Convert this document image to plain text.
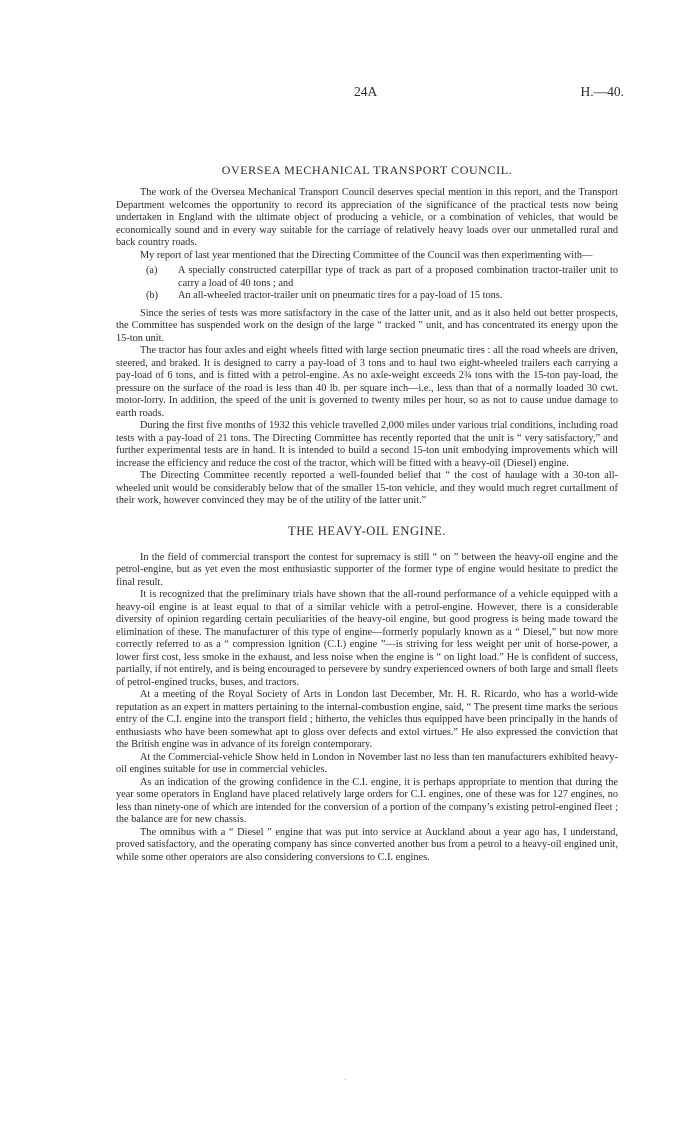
24A	H.—40.
OVERSEA MECHANICAL TRANSPORT COUNCIL.

The work of the Oversea Mechanical Transport Council deserves special mention in this report, and the Transport Department welcomes the opportunity to record its appreciation of the significance of the practical tests now being undertaken in England with the ultimate object of producing a vehicle, or a combination of vehicles, that would be economically sound and in every way suitable for the carriage of relatively heavy loads over our unmetalled rural and back country roads.

My report of last year mentioned that the Directing Committee of the Council was then experimenting with—

(a) A specially constructed caterpillar type of track as part of a proposed combination tractor-trailer unit to carry a load of 40 tons ; and
(b) An all-wheeled tractor-trailer unit on pneumatic tires for a pay-load of 15 tons.

Since the series of tests was more satisfactory in the case of the latter unit, and as it also held out better prospects, the Committee has suspended work on the design of the large “ tracked ” unit, and has concentrated its energy upon the 15-ton unit.

The tractor has four axles and eight wheels fitted with large section pneumatic tires : all the road wheels are driven, steered, and braked. It is designed to carry a pay-load of 3 tons and to haul two eight-wheeled trailers each carrying a pay-load of 6 tons, and is fitted with a petrol-engine. As no axle-weight exceeds 2¾ tons with the 15-ton pay-load, the pressure on the surface of the road is less than 40 lb. per square inch—i.e., less than that of a normally loaded 30 cwt. motor-lorry. In addition, the speed of the unit is governed to twenty miles per hour, so as not to cause undue damage to earth roads.

During the first five months of 1932 this vehicle travelled 2,000 miles under various trial conditions, including road tests with a pay-load of 21 tons. The Directing Committee has recently reported that the unit is “ very satisfactory,” and further experimental tests are in hand. It is intended to build a second 15-ton unit embodying improvements which will increase the efficiency and reduce the cost of the tractor, which will be fitted with a heavy-oil (Diesel) engine.

The Directing Committee recently reported a well-founded belief that “ the cost of haulage with a 30-ton all-wheeled unit would be considerably below that of the smaller 15-ton vehicle, and they would much regret curtailment of their work, however convinced they may be of the utility of the latter unit.”

THE HEAVY-OIL ENGINE.

In the field of commercial transport the contest for supremacy is still “ on ” between the heavy-oil engine and the petrol-engine, but as yet even the most enthusiastic supporter of the former type of engine would hesitate to predict the final result.

It is recognized that the preliminary trials have shown that the all-round performance of a vehicle equipped with a heavy-oil engine is at least equal to that of a similar vehicle with a petrol-engine. However, there is a considerable diversity of opinion regarding certain peculiarities of the heavy-oil engine, but good progress is being made toward the elimination of these. The manufacturer of this type of engine—formerly popularly known as a “ Diesel,” but now more correctly referred to as a “ compression ignition (C.I.) engine ”—is striving for less weight per unit of horse-power, a lower first cost, less smoke in the exhaust, and less noise when the engine is “ on light load.” He is confident of success, partially, if not entirely, and is being encouraged to persevere by sundry experienced owners of both large and small fleets of petrol-engined trucks, buses, and tractors.

At a meeting of the Royal Society of Arts in London last December, Mr. H. R. Ricardo, who has a world-wide reputation as an expert in matters pertaining to the internal-combustion engine, said, “ The present time marks the serious entry of the C.I. engine into the transport field ; hitherto, the vehicles thus equipped have been principally in the hands of enthusiasts who have been somewhat apt to gloss over defects and extol virtues.” He also expressed the conviction that the British engine was in advance of its foreign contemporary.

At the Commercial-vehicle Show held in London in November last no less than ten manufacturers exhibited heavy-oil engines suitable for use in commercial vehicles.

As an indication of the growing confidence in the C.I. engine, it is perhaps appropriate to mention that during the year some operators in England have placed relatively large orders for C.I. engines, one of these was for 127 engines, no less than ninety-one of which are intended for the conversion of a portion of the company’s existing petrol-engined fleet ; the balance are for new chassis.

The omnibus with a “ Diesel ” engine that was put into service at Auckland about a year ago has, I understand, proved satisfactory, and the operating company has since converted another bus from a petrol to a heavy-oil engined unit, while some other operators are also considering conversions to C.I. engines.

·
